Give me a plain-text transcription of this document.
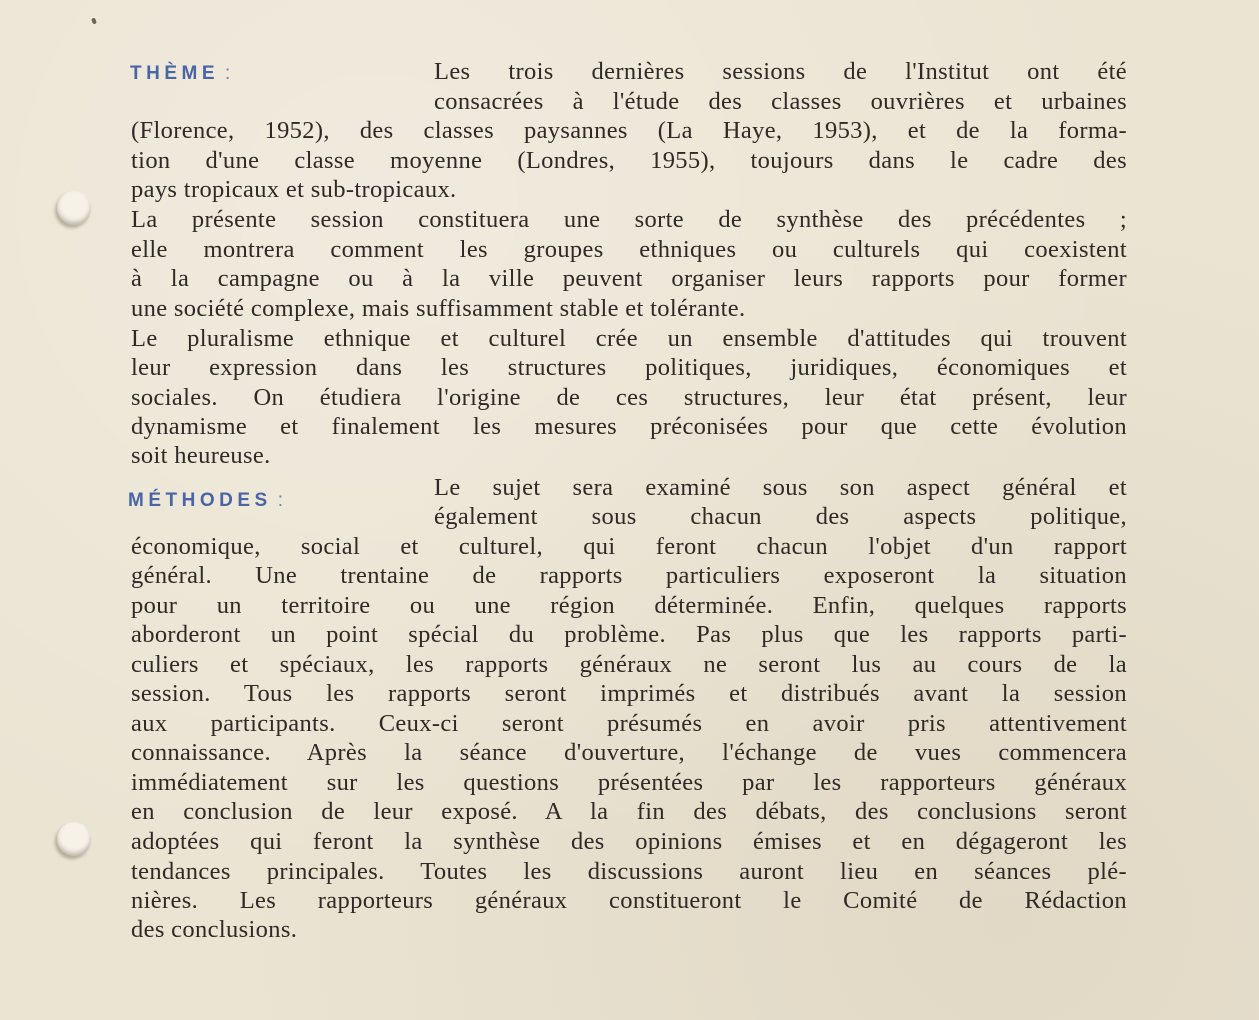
THÈME :	Les trois dernières sessions de l'Institut ont été
consacrées à l'étude des classes ouvrières et urbaines
(Florence, 1952), des classes paysannes (La Haye, 1953), et de la forma-
tion d'une classe moyenne (Londres, 1955), toujours dans le cadre des
pays tropicaux et sub-tropicaux.
La présente session constituera une sorte de synthèse des précédentes ;
elle montrera comment les groupes ethniques ou culturels qui coexistent
à la campagne ou à la ville peuvent organiser leurs rapports pour former
une société complexe, mais suffisamment stable et tolérante.
Le pluralisme ethnique et culturel crée un ensemble d'attitudes qui trouvent
leur expression dans les structures politiques, juridiques, économiques et
sociales. On étudiera l'origine de ces structures, leur état présent, leur
dynamisme et finalement les mesures préconisées pour que cette évolution
soit heureuse.
MÉTHODES :	Le sujet sera examiné sous son aspect général et
également sous chacun des aspects politique,
économique, social et culturel, qui feront chacun l'objet d'un rapport
général. Une trentaine de rapports particuliers exposeront la situation
pour un territoire ou une région déterminée. Enfin, quelques rapports
aborderont un point spécial du problème. Pas plus que les rapports parti-
culiers et spéciaux, les rapports généraux ne seront lus au cours de la
session. Tous les rapports seront imprimés et distribués avant la session
aux participants. Ceux-ci seront présumés en avoir pris attentivement
connaissance. Après la séance d'ouverture, l'échange de vues commencera
immédiatement sur les questions présentées par les rapporteurs généraux
en conclusion de leur exposé. A la fin des débats, des conclusions seront
adoptées qui feront la synthèse des opinions émises et en dégageront les
tendances principales. Toutes les discussions auront lieu en séances plé-
nières. Les rapporteurs généraux constitueront le Comité de Rédaction
des conclusions.
